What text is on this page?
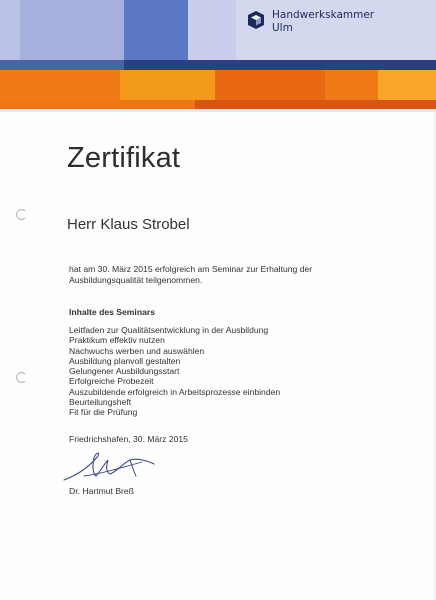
Handwerkskammer
Ulm
Zertifikat
Herr Klaus Strobel
hat am 30. März 2015 erfolgreich am Seminar zur Erhaltung der Ausbildungsqualität teilgenommen.
Inhalte des Seminars
Leitfaden zur Qualitätsentwicklung in der Ausbildung
Praktikum effektiv nutzen
Nachwuchs werben und auswählen
Ausbildung planvoll gestalten
Gelungener Ausbildungsstart
Erfolgreiche Probezeit
Auszubildende erfolgreich in Arbeitsprozesse einbinden
Beurteilungsheft
Fit für die Prüfung
Friedrichshafen, 30. März 2015
Dr. Hartmut Breß
